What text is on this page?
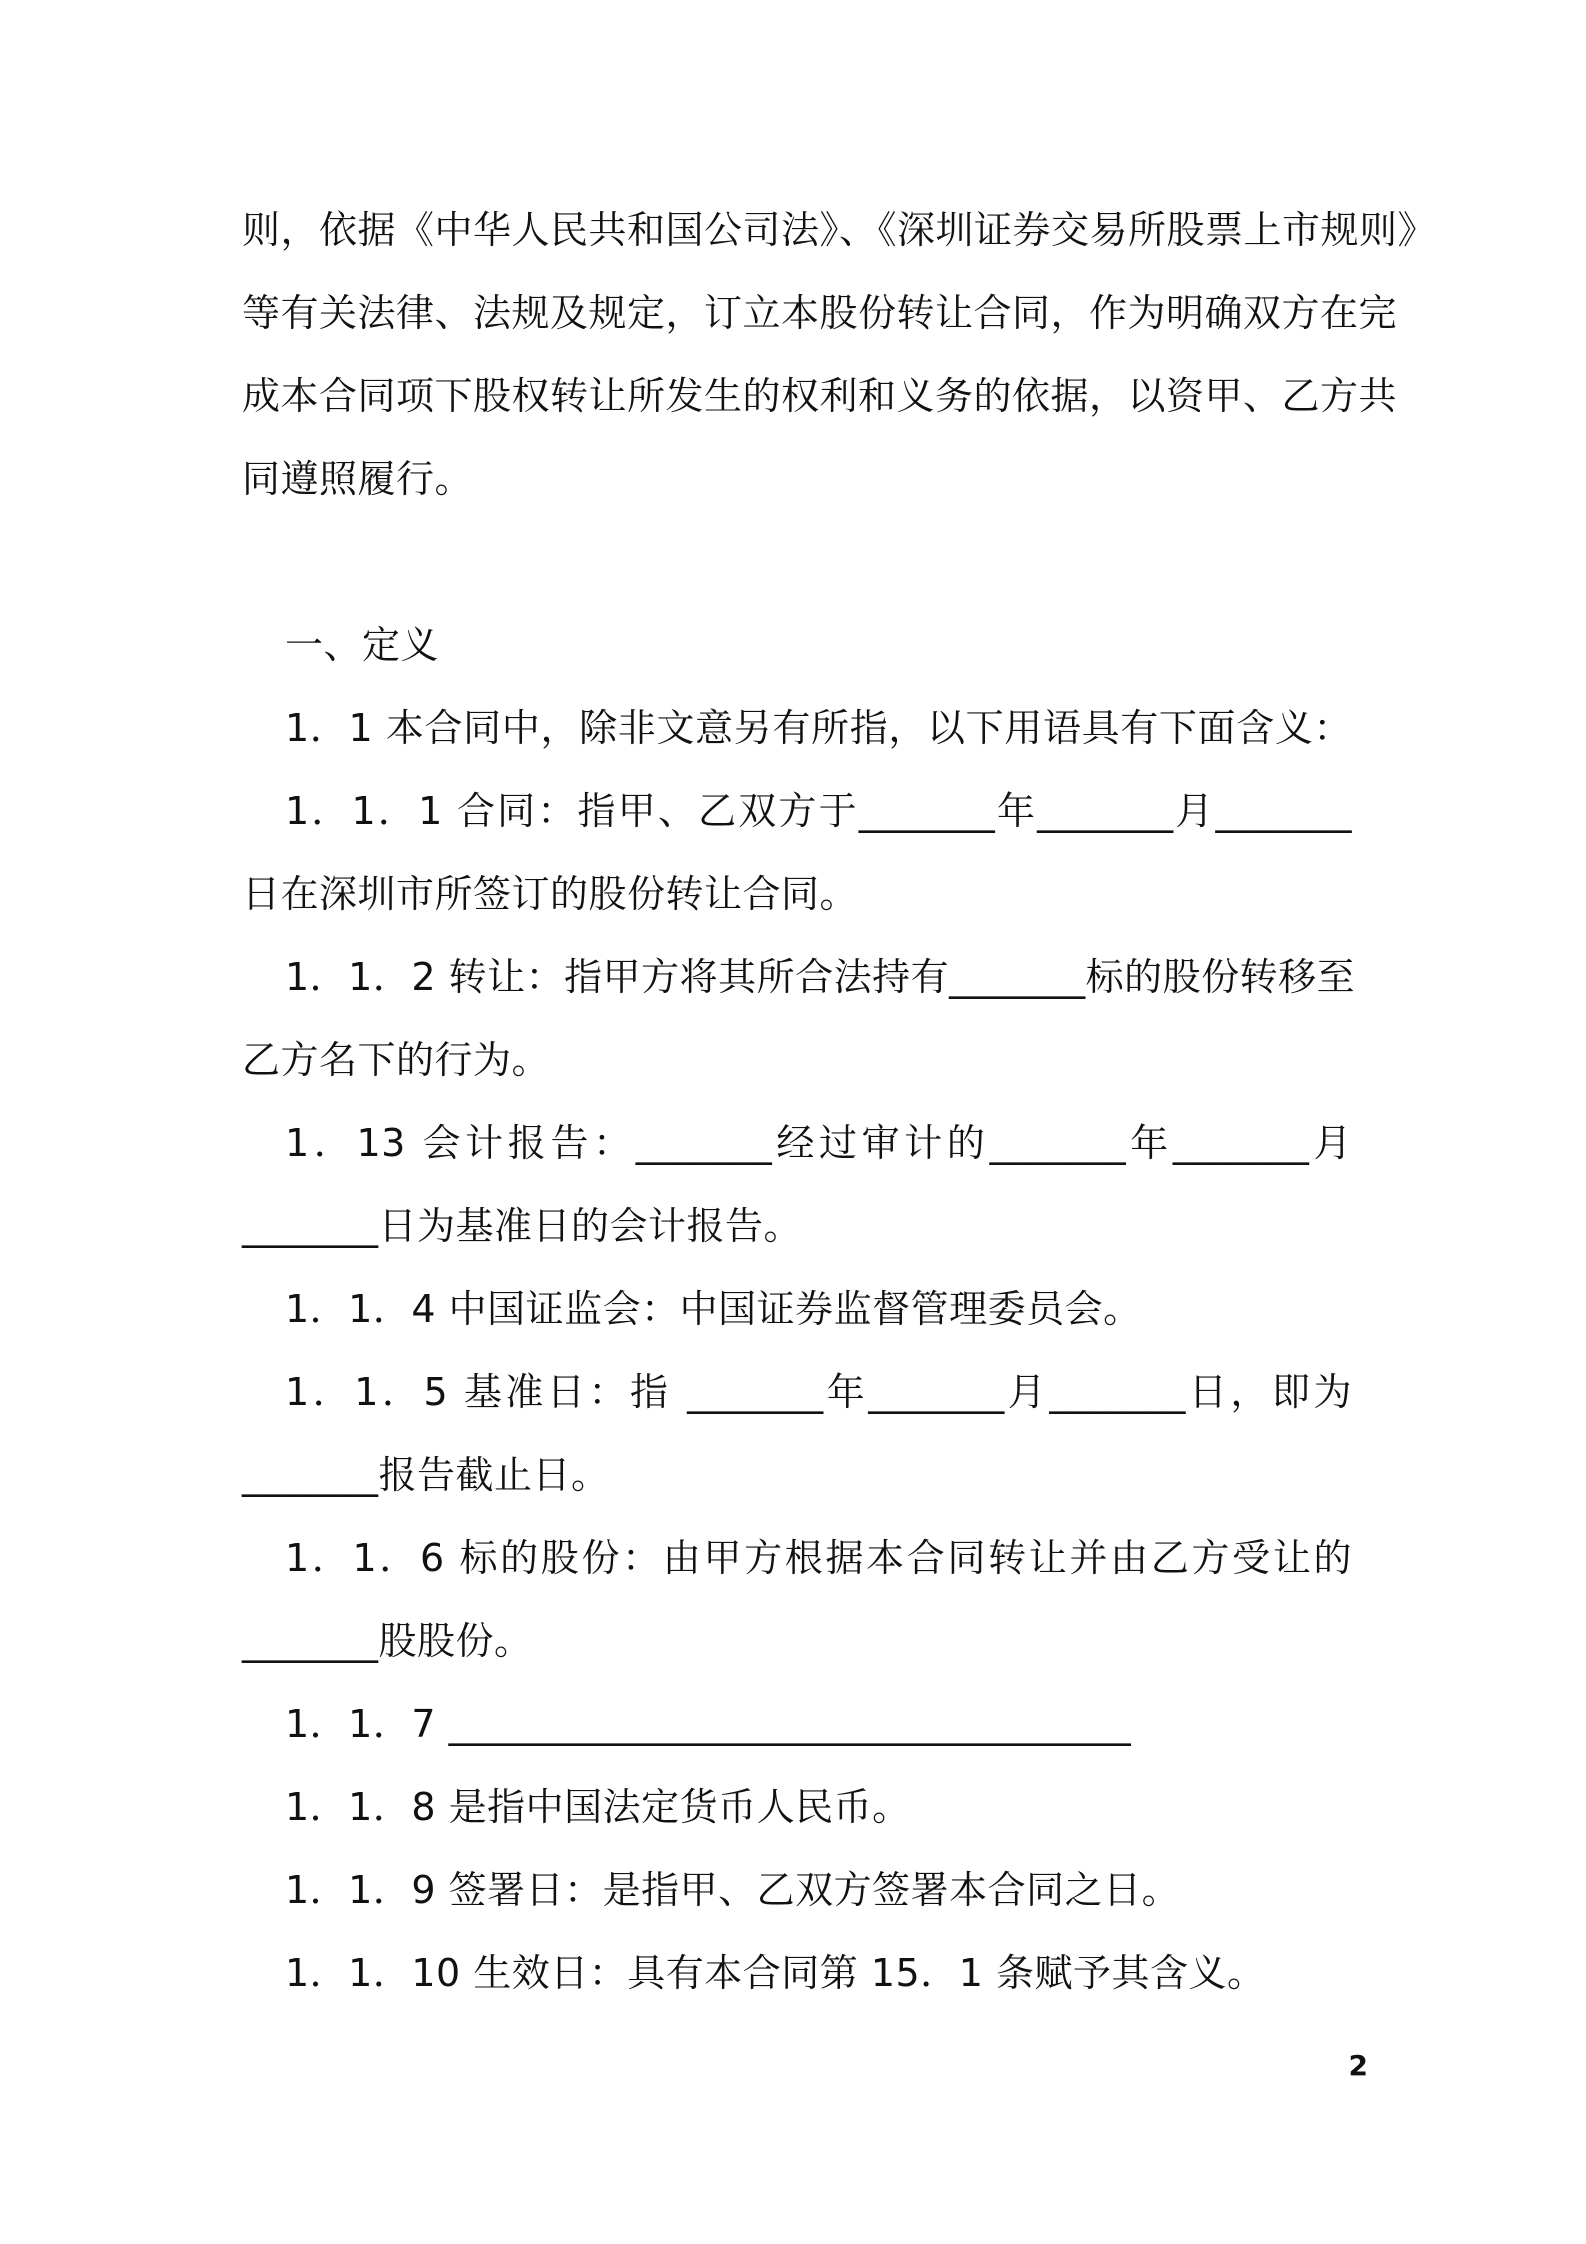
则，依据《中华人民共和国公司法》、《深圳证券交易所股票上市规则》
等有关法律、法规及规定，订立本股份转让合同，作为明确双方在完
成本合同项下股权转让所发生的权利和义务的依据，以资甲、乙方共
同遵照履行。
一、定义
1．1 本合同中，除非文意另有所指，以下用语具有下面含义：
1．1．1 合同：指甲、乙双方于_______年_______月_______
日在深圳市所签订的股份转让合同。
1．1．2 转让：指甲方将其所合法持有_______标的股份转移至
乙方名下的行为。
1．13 会计报告：_______经过审计的_______年_______月
_______日为基准日的会计报告。
1．1．4 中国证监会：中国证券监督管理委员会。
1．1．5 基准日：指 _______年_______月_______日，即为
_______报告截止日。
1．1．6 标的股份：由甲方根据本合同转让并由乙方受让的
_______股股份。
1．1．7 ___________________________________
1．1．8 是指中国法定货币人民币。
1．1．9 签署日：是指甲、乙双方签署本合同之日。
1．1．10 生效日：具有本合同第 15．1 条赋予其含义。
2
